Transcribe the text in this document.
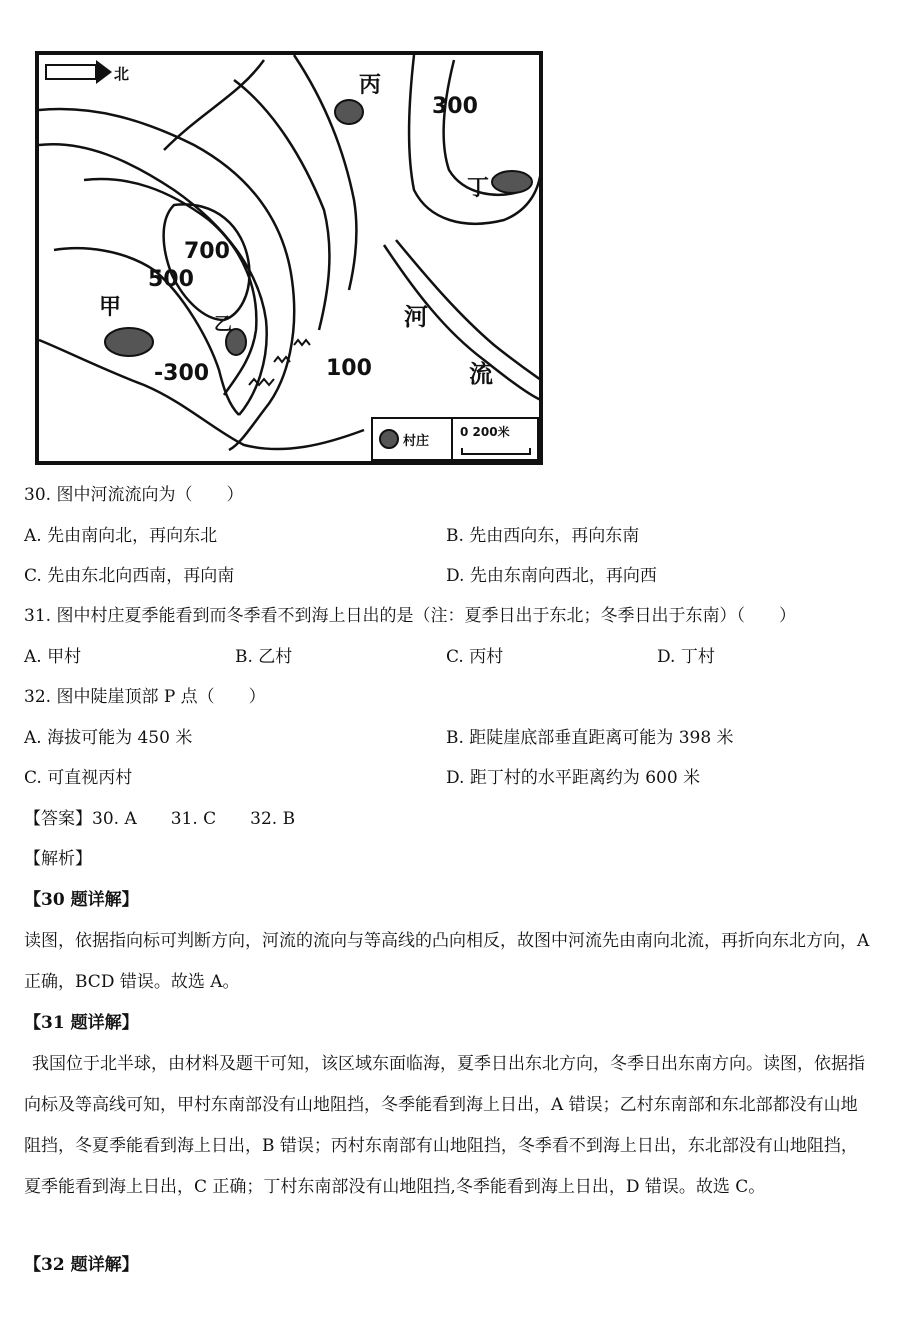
北	丙
300
丁
700
500
甲
乙
-300	100
河
流
村庄
0 200米
30. 图中河流流向为（　　）
A. 先由南向北，再向东北	B. 先由西向东，再向东南
C. 先由东北向西南，再向南	D. 先由东南向西北，再向西
31. 图中村庄夏季能看到而冬季看不到海上日出的是（注：夏季日出于东北；冬季日出于东南）（　　）
A. 甲村	B. 乙村	C. 丙村	D. 丁村
32. 图中陡崖顶部 P 点（　　）
A. 海拔可能为 450 米	B. 距陡崖底部垂直距离可能为 398 米
C. 可直视丙村	D. 距丁村的水平距离约为 600 米
【答案】30. A　　31. C　　32. B
【解析】
【30 题详解】
读图，依据指向标可判断方向，河流的流向与等高线的凸向相反，故图中河流先由南向北流，再折向东北方向，A 正确，BCD 错误。故选 A。
【31 题详解】
我国位于北半球，由材料及题干可知，该区域东面临海，夏季日出东北方向，冬季日出东南方向。读图，依据指向标及等高线可知，甲村东南部没有山地阻挡，冬季能看到海上日出，A 错误；乙村东南部和东北部都没有山地阻挡，冬夏季能看到海上日出，B 错误；丙村东南部有山地阻挡，冬季看不到海上日出，东北部没有山地阻挡，夏季能看到海上日出，C 正确；丁村东南部没有山地阻挡,冬季能看到海上日出，D 错误。故选 C。
【32 题详解】
